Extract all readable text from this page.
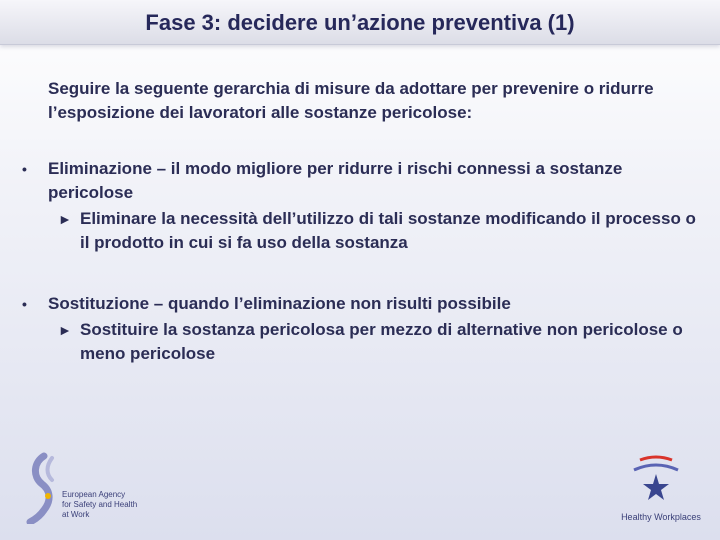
Fase 3: decidere un’azione preventiva (1)
Seguire la seguente gerarchia di misure da adottare per prevenire o ridurre l’esposizione dei lavoratori alle sostanze pericolose:
• Eliminazione – il modo migliore per ridurre i rischi connessi a sostanze pericolose
► Eliminare la necessità dell’utilizzo di tali sostanze modificando il processo o il prodotto in cui si fa uso della sostanza
• Sostituzione – quando l’eliminazione non risulti possibile
► Sostituire la sostanza pericolosa per mezzo di alternative non pericolose o meno pericolose
European Agency
for Safety and Health
at Work	Healthy Workplaces
